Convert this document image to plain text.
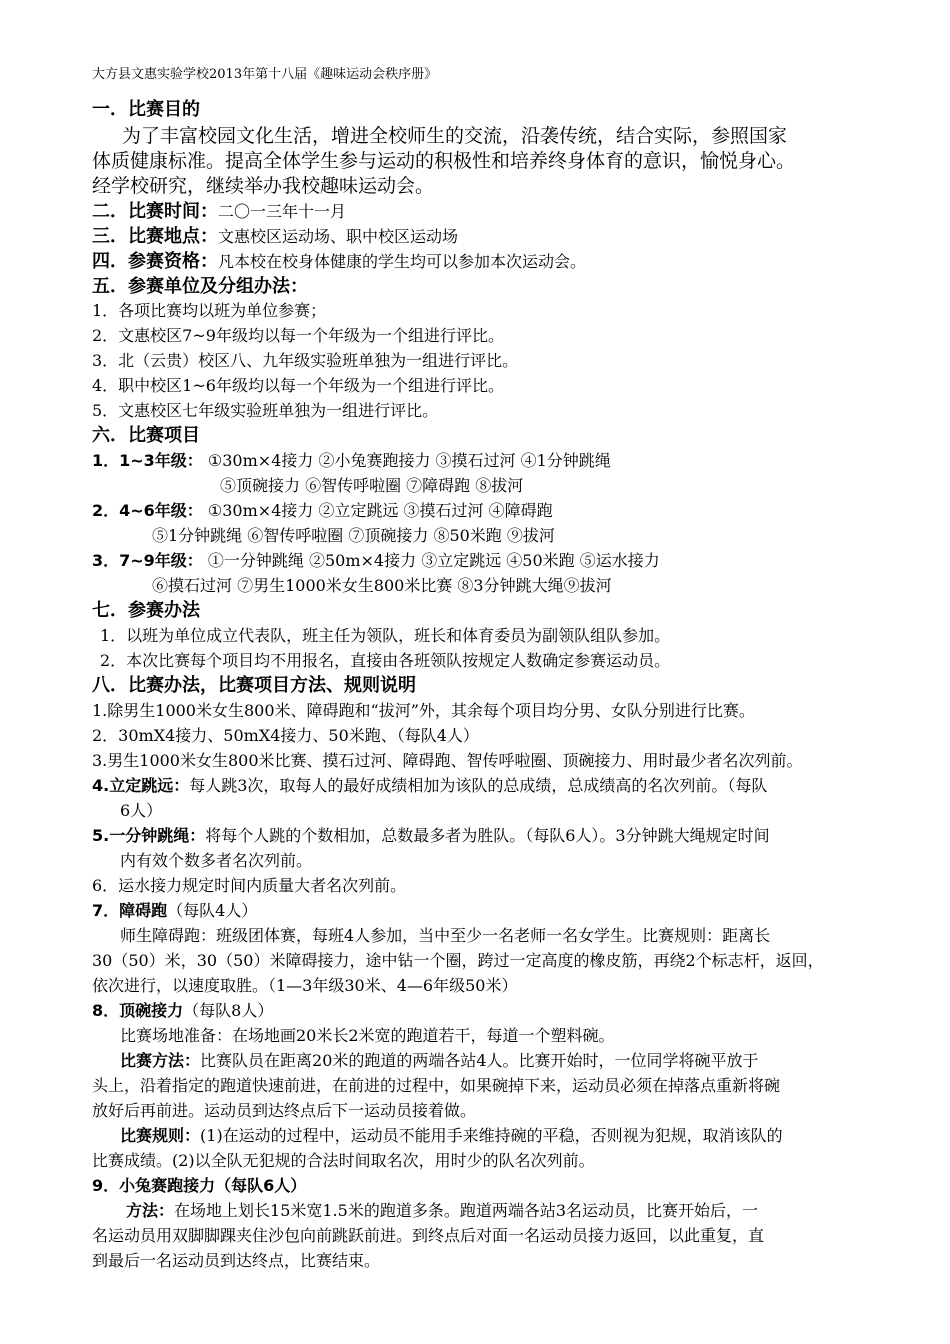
大方县文惠实验学校2013年第十八届《趣味运动会秩序册》
一．比赛目的
为了丰富校园文化生活，增进全校师生的交流，沿袭传统，结合实际，参照国家
体质健康标准。提高全体学生参与运动的积极性和培养终身体育的意识，愉悦身心。
经学校研究，继续举办我校趣味运动会。
二．比赛时间：二〇一三年十一月
三．比赛地点：文惠校区运动场、职中校区运动场
四．参赛资格：凡本校在校身体健康的学生均可以参加本次运动会。
五．参赛单位及分组办法：
1．各项比赛均以班为单位参赛；
2．文惠校区7~9年级均以每一个年级为一个组进行评比。
3．北（云贵）校区八、九年级实验班单独为一组进行评比。
4．职中校区1~6年级均以每一个年级为一个组进行评比。
5．文惠校区七年级实验班单独为一组进行评比。
六．比赛项目
1．1~3年级： ①30m×4接力 ②小兔赛跑接力 ③摸石过河 ④1分钟跳绳
⑤顶碗接力 ⑥智传呼啦圈 ⑦障碍跑 ⑧拔河
2．4~6年级： ①30m×4接力 ②立定跳远 ③摸石过河 ④障碍跑
⑤1分钟跳绳 ⑥智传呼啦圈 ⑦顶碗接力 ⑧50米跑 ⑨拔河
3．7~9年级： ①一分钟跳绳 ②50m×4接力 ③立定跳远 ④50米跑 ⑤运水接力
⑥摸石过河 ⑦男生1000米女生800米比赛 ⑧3分钟跳大绳⑨拔河
七．参赛办法
1．以班为单位成立代表队，班主任为领队，班长和体育委员为副领队组队参加。
2．本次比赛每个项目均不用报名，直接由各班领队按规定人数确定参赛运动员。
八．比赛办法，比赛项目方法、规则说明
1.除男生1000米女生800米、障碍跑和“拔河”外，其余每个项目均分男、女队分别进行比赛。
2．30mX4接力、50mX4接力、50米跑、（每队4人）
3.男生1000米女生800米比赛、摸石过河、障碍跑、智传呼啦圈、顶碗接力、用时最少者名次列前。
4.立定跳远：每人跳3次，取每人的最好成绩相加为该队的总成绩，总成绩高的名次列前。（每队
6人）
5.一分钟跳绳：将每个人跳的个数相加，总数最多者为胜队。（每队6人）。3分钟跳大绳规定时间
内有效个数多者名次列前。
6．运水接力规定时间内质量大者名次列前。
7．障碍跑（每队4人）
师生障碍跑：班级团体赛，每班4人参加，当中至少一名老师一名女学生。比赛规则：距离长
30（50）米，30（50）米障碍接力，途中钻一个圈，跨过一定高度的橡皮筋，再绕2个标志杆，返回，
依次进行，以速度取胜。（1—3年级30米、4—6年级50米）
8．顶碗接力（每队8人）
比赛场地准备：在场地画20米长2米宽的跑道若干，每道一个塑料碗。
比赛方法：比赛队员在距离20米的跑道的两端各站4人。比赛开始时，一位同学将碗平放于
头上，沿着指定的跑道快速前进，在前进的过程中，如果碗掉下来，运动员必须在掉落点重新将碗
放好后再前进。运动员到达终点后下一运动员接着做。
比赛规则：(1)在运动的过程中，运动员不能用手来维持碗的平稳，否则视为犯规，取消该队的
比赛成绩。(2)以全队无犯规的合法时间取名次，用时少的队名次列前。
9．小兔赛跑接力（每队6人）
方法：在场地上划长15米宽1.5米的跑道多条。跑道两端各站3名运动员，比赛开始后，一
名运动员用双脚脚踝夹住沙包向前跳跃前进。到终点后对面一名运动员接力返回，以此重复，直
到最后一名运动员到达终点，比赛结束。
